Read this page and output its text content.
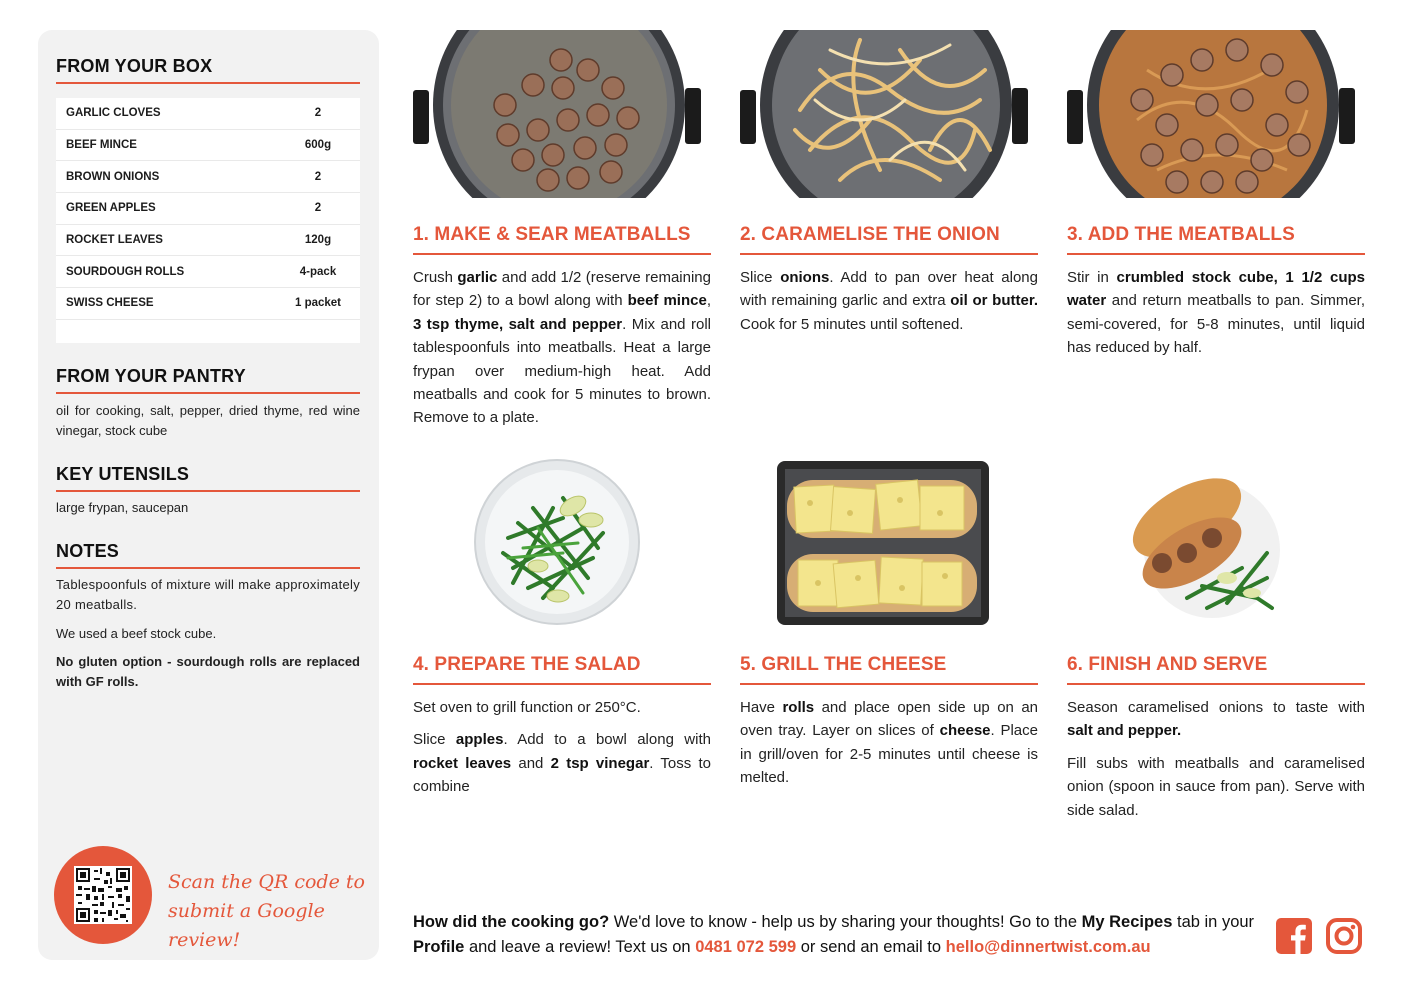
FROM YOUR BOX
GARLIC CLOVES	2
BEEF MINCE	600g
BROWN ONIONS	2
GREEN APPLES	2
ROCKET LEAVES	120g
SOURDOUGH ROLLS	4-pack
SWISS CHEESE	1 packet
FROM YOUR PANTRY
oil for cooking, salt, pepper, dried thyme, red wine vinegar, stock cube
KEY UTENSILS
large frypan, saucepan
NOTES
Tablespoonfuls of mixture will make approximately 20 meatballs.
We used a beef stock cube.
No gluten option - sourdough rolls are replaced with GF rolls.
Scan the QR code to
submit a Google review!
1. MAKE & SEAR MEATBALLS

Crush garlic and add 1/2 (reserve remaining for step 2) to a bowl along with beef mince, 3 tsp thyme, salt and pepper. Mix and roll tablespoonfuls into meatballs. Heat a large frypan over medium-high heat. Add meatballs and cook for 5 minutes to brown. Remove to a plate.

2. CARAMELISE THE ONION

Slice onions. Add to pan over heat along with remaining garlic and extra oil or butter. Cook for 5 minutes until softened.

3. ADD THE MEATBALLS

Stir in crumbled stock cube, 1 1/2 cups water and return meatballs to pan. Simmer, semi-covered, for 5-8 minutes, until liquid has reduced by half.

4. PREPARE THE SALAD

Set oven to grill function or 250°C.

Slice apples. Add to a bowl along with rocket leaves and 2 tsp vinegar. Toss to combine

5. GRILL THE CHEESE

Have rolls and place open side up on an oven tray. Layer on slices of cheese. Place in grill/oven for 2-5 minutes until cheese is melted.

6. FINISH AND SERVE

Season caramelised onions to taste with salt and pepper.

Fill subs with meatballs and caramelised onion (spoon in sauce from pan). Serve with side salad.

How did the cooking go? We'd love to know - help us by sharing your thoughts! Go to the My Recipes tab in your Profile and leave a review! Text us on 0481 072 599 or send an email to hello@dinnertwist.com.au
